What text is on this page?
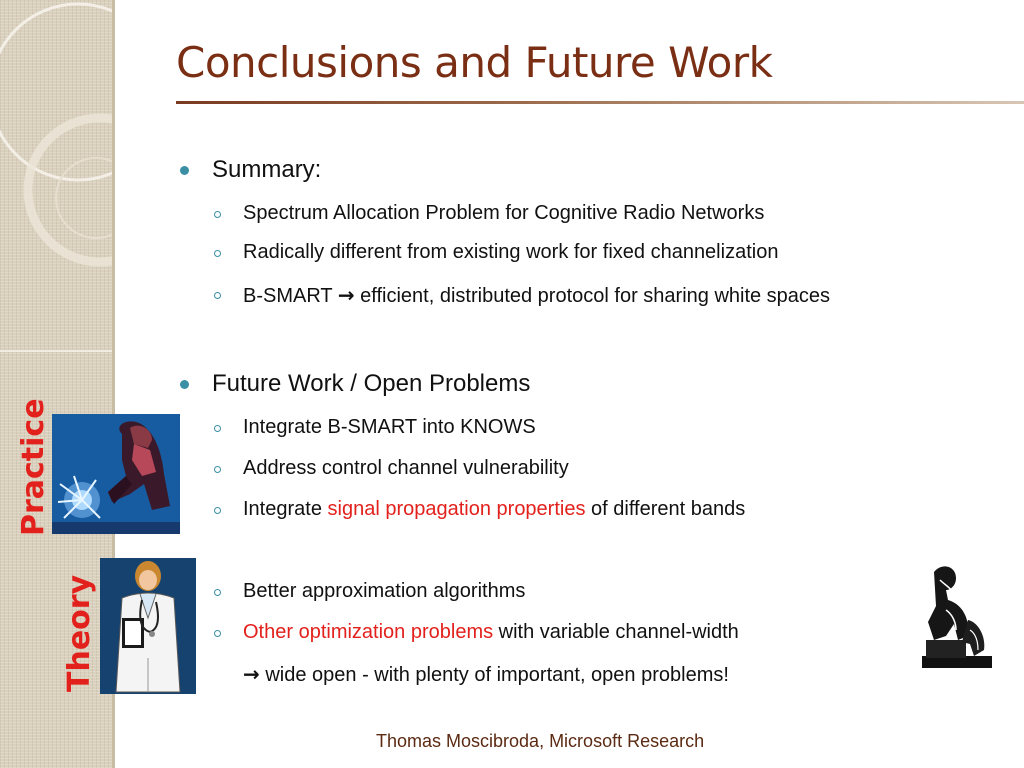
Practice
Theory
Conclusions and Future Work
Summary:
Spectrum Allocation Problem for Cognitive Radio Networks
Radically different from existing work for fixed channelization
B-SMART → efficient, distributed protocol for sharing white spaces
Future Work / Open Problems
Integrate B-SMART into KNOWS
Address control channel vulnerability
Integrate signal propagation properties of different bands
Better approximation algorithms
Other optimization problems with variable channel-width
→ wide open - with plenty of important, open problems!
Thomas Moscibroda, Microsoft Research
